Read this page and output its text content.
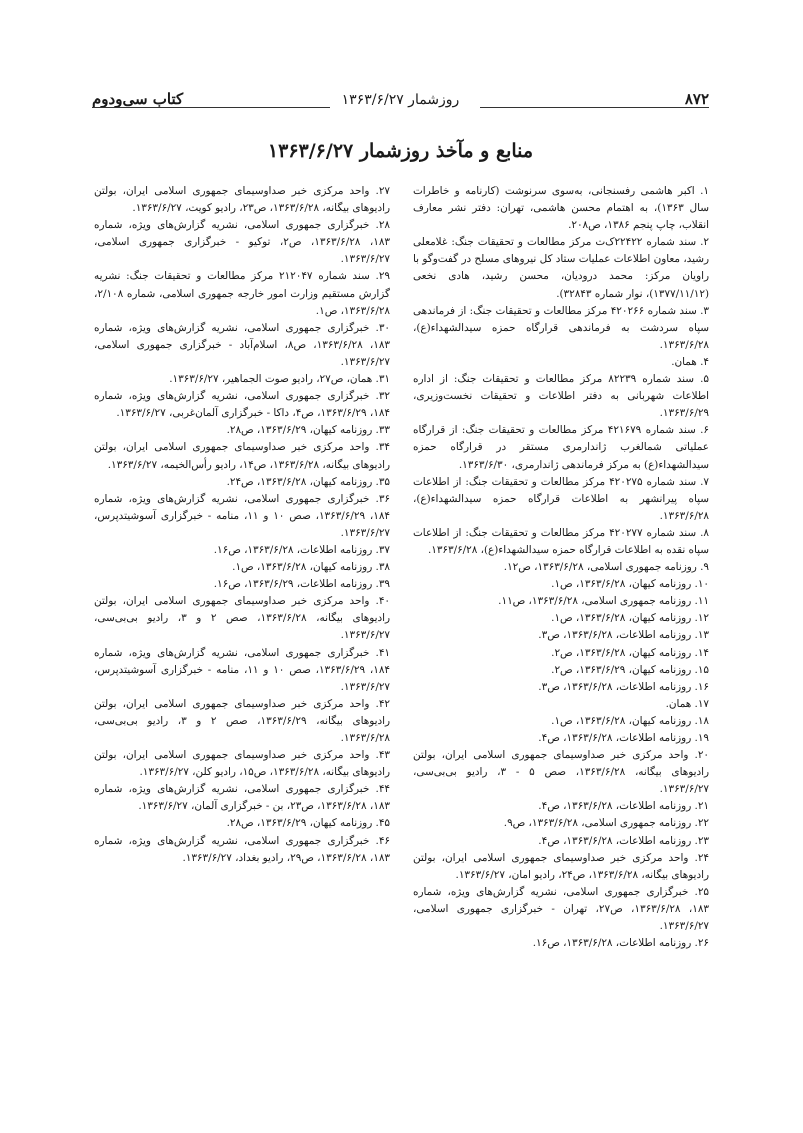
۸۷۲
کتاب سی‌ودوم	روزشمار ۱۳۶۳/۶/۲۷
منابع و مآخذ روزشمار ۱۳۶۳/۶/۲۷
۱. اکبر هاشمی رفسنجانی، به‌سوی سرنوشت (کارنامه و خاطرات سال ۱۳۶۳)، به اهتمام محسن هاشمی، تهران: دفتر نشر معارف انقلاب، چاپ پنجم ۱۳۸۶، ص۲۰۸.
۲. سند شماره ۲۲۴۲۲ک‌ت مرکز مطالعات و تحقیقات جنگ: غلامعلی رشید، معاون اطلاعات عملیات ستاد کل نیروهای مسلح در گفت‌وگو با راویان مرکز: محمد درودیان، محسن رشید، هادی نخعی (۱۳۷۷/۱۱/۱۲)، نوار شماره ۳۲۸۴۳).
۳. سند شماره ۴۲۰۲۶۶ مرکز مطالعات و تحقیقات جنگ: از فرماندهی سپاه سردشت به فرماندهی قرارگاه حمزه سیدالشهداء(ع)، ۱۳۶۳/۶/۲۸.
۴. همان.
۵. سند شماره ۸۲۲۳۹ مرکز مطالعات و تحقیقات جنگ: از اداره اطلاعات شهربانی به دفتر اطلاعات و تحقیقات نخست‌وزیری، ۱۳۶۳/۶/۲۹.
۶. سند شماره ۴۲۱۶۷۹ مرکز مطالعات و تحقیقات جنگ: از قرارگاه عملیاتی شمالغرب ژاندارمری مستقر در قرارگاه حمزه سیدالشهداء(ع) به مرکز فرماندهی ژاندارمری، ۱۳۶۳/۶/۳۰.
۷. سند شماره ۴۲۰۲۷۵ مرکز مطالعات و تحقیقات جنگ: از اطلاعات سپاه پیرانشهر به اطلاعات قرارگاه حمزه سیدالشهداء(ع)، ۱۳۶۳/۶/۲۸.
۸. سند شماره ۴۲۰۲۷۷ مرکز مطالعات و تحقیقات جنگ: از اطلاعات سپاه نقده به اطلاعات قرارگاه حمزه سیدالشهداء(ع)، ۱۳۶۳/۶/۲۸.
۹. روزنامه جمهوری اسلامی، ۱۳۶۳/۶/۲۸، ص۱۲.
۱۰. روزنامه کیهان، ۱۳۶۳/۶/۲۸، ص۱.
۱۱. روزنامه جمهوری اسلامی، ۱۳۶۳/۶/۲۸، ص۱۱.
۱۲. روزنامه کیهان، ۱۳۶۳/۶/۲۸، ص۱.
۱۳. روزنامه اطلاعات، ۱۳۶۳/۶/۲۸، ص۳.
۱۴. روزنامه کیهان، ۱۳۶۳/۶/۲۸، ص۲.
۱۵. روزنامه کیهان، ۱۳۶۳/۶/۲۹، ص۲.
۱۶. روزنامه اطلاعات، ۱۳۶۳/۶/۲۸، ص۳.
۱۷. همان.
۱۸. روزنامه کیهان، ۱۳۶۳/۶/۲۸، ص۱.
۱۹. روزنامه اطلاعات، ۱۳۶۳/۶/۲۸، ص۴.
۲۰. واحد مرکزی خبر صداوسیمای جمهوری اسلامی ایران، بولتن رادیوهای بیگانه، ۱۳۶۳/۶/۲۸، صص ۵ - ۳، رادیو بی‌بی‌سی، ۱۳۶۳/۶/۲۷.
۲۱. روزنامه اطلاعات، ۱۳۶۳/۶/۲۸، ص۴.
۲۲. روزنامه جمهوری اسلامی، ۱۳۶۳/۶/۲۸، ص۹.
۲۳. روزنامه اطلاعات، ۱۳۶۳/۶/۲۸، ص۴.
۲۴. واحد مرکزی خبر صداوسیمای جمهوری اسلامی ایران، بولتن رادیوهای بیگانه، ۱۳۶۳/۶/۲۸، ص۲۴، رادیو امان، ۱۳۶۳/۶/۲۷.
۲۵. خبرگزاری جمهوری اسلامی، نشریه گزارش‌های ویژه، شماره ۱۸۳، ۱۳۶۳/۶/۲۸، ص۲۷، تهران - خبرگزاری جمهوری اسلامی، ۱۳۶۳/۶/۲۷.
۲۶. روزنامه اطلاعات، ۱۳۶۳/۶/۲۸، ص۱۶.
۲۷. واحد مرکزی خبر صداوسیمای جمهوری اسلامی ایران، بولتن رادیوهای بیگانه، ۱۳۶۳/۶/۲۸، ص۲۳، رادیو کویت، ۱۳۶۳/۶/۲۷.
۲۸. خبرگزاری جمهوری اسلامی، نشریه گزارش‌های ویژه، شماره ۱۸۳، ۱۳۶۳/۶/۲۸، ص۲، توکیو - خبرگزاری جمهوری اسلامی، ۱۳۶۳/۶/۲۷.
۲۹. سند شماره ۲۱۲۰۴۷ مرکز مطالعات و تحقیقات جنگ: نشریه گزارش مستقیم وزارت امور خارجه جمهوری اسلامی، شماره ۲/۱۰۸، ۱۳۶۳/۶/۲۸، ص۱.
۳۰. خبرگزاری جمهوری اسلامی، نشریه گزارش‌های ویژه، شماره ۱۸۳، ۱۳۶۳/۶/۲۸، ص۸، اسلام‌آباد - خبرگزاری جمهوری اسلامی، ۱۳۶۳/۶/۲۷.
۳۱. همان، ص۲۷، رادیو صوت الجماهیر، ۱۳۶۳/۶/۲۷.
۳۲. خبرگزاری جمهوری اسلامی، نشریه گزارش‌های ویژه، شماره ۱۸۴، ۱۳۶۳/۶/۲۹، ص۴، داکا - خبرگزاری آلمان‌غربی، ۱۳۶۳/۶/۲۷.
۳۳. روزنامه کیهان، ۱۳۶۳/۶/۲۹، ص۲۸.
۳۴. واحد مرکزی خبر صداوسیمای جمهوری اسلامی ایران، بولتن رادیوهای بیگانه، ۱۳۶۳/۶/۲۸، ص۱۴، رادیو رأس‌الخیمه، ۱۳۶۳/۶/۲۷.
۳۵. روزنامه کیهان، ۱۳۶۳/۶/۲۸، ص۲۴.
۳۶. خبرگزاری جمهوری اسلامی، نشریه گزارش‌های ویژه، شماره ۱۸۴، ۱۳۶۳/۶/۲۹، صص ۱۰ و ۱۱، منامه - خبرگزاری آسوشیتدپرس، ۱۳۶۳/۶/۲۷.
۳۷. روزنامه اطلاعات، ۱۳۶۳/۶/۲۸، ص۱۶.
۳۸. روزنامه کیهان، ۱۳۶۳/۶/۲۸، ص۱.
۳۹. روزنامه اطلاعات، ۱۳۶۳/۶/۲۹، ص۱۶.
۴۰. واحد مرکزی خبر صداوسیمای جمهوری اسلامی ایران، بولتن رادیوهای بیگانه، ۱۳۶۳/۶/۲۸، صص ۲ و ۳، رادیو بی‌بی‌سی، ۱۳۶۳/۶/۲۷.
۴۱. خبرگزاری جمهوری اسلامی، نشریه گزارش‌های ویژه، شماره ۱۸۴، ۱۳۶۳/۶/۲۹، صص ۱۰ و ۱۱، منامه - خبرگزاری آسوشیتدپرس، ۱۳۶۳/۶/۲۷.
۴۲. واحد مرکزی خبر صداوسیمای جمهوری اسلامی ایران، بولتن رادیوهای بیگانه، ۱۳۶۳/۶/۲۹، صص ۲ و ۳، رادیو بی‌بی‌سی، ۱۳۶۳/۶/۲۸.
۴۳. واحد مرکزی خبر صداوسیمای جمهوری اسلامی ایران، بولتن رادیوهای بیگانه، ۱۳۶۳/۶/۲۸، ص۱۵، رادیو کلن، ۱۳۶۳/۶/۲۷.
۴۴. خبرگزاری جمهوری اسلامی، نشریه گزارش‌های ویژه، شماره ۱۸۳، ۱۳۶۳/۶/۲۸، ص۲۳، بن - خبرگزاری آلمان، ۱۳۶۳/۶/۲۷.
۴۵. روزنامه کیهان، ۱۳۶۳/۶/۲۹، ص۲۸.
۴۶. خبرگزاری جمهوری اسلامی، نشریه گزارش‌های ویژه، شماره ۱۸۳، ۱۳۶۳/۶/۲۸، ص۲۹، رادیو بغداد، ۱۳۶۳/۶/۲۷.
